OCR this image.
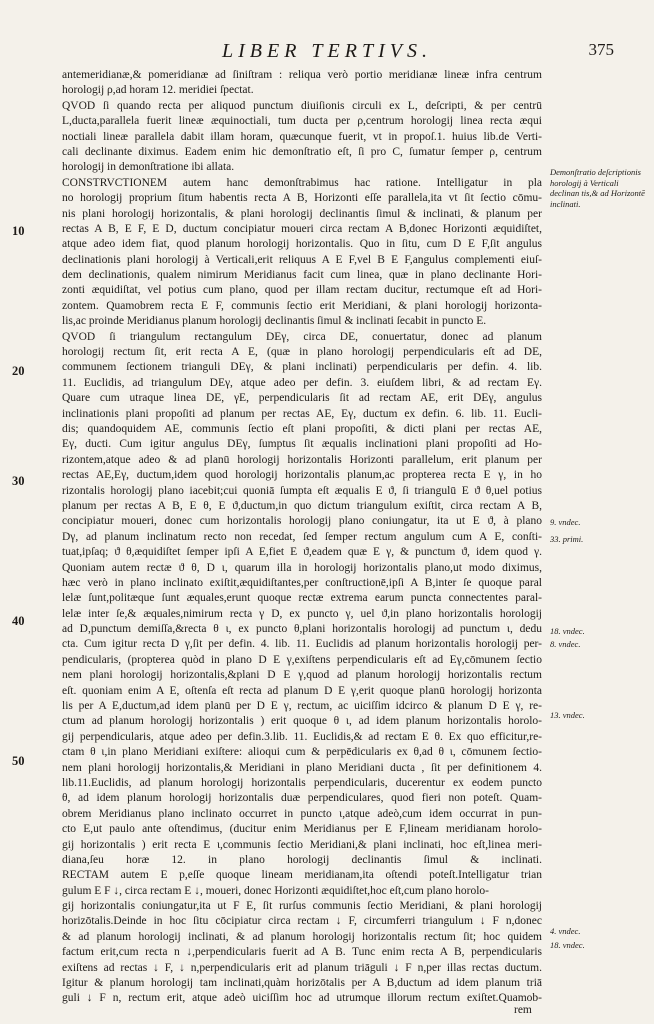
LIBER TERTIVS.	375
antemeridianæ,& pomeridianæ ad ſiniſtram : reliqua verò portio meridianæ lineæ infra centrum
horologij ρ,ad horam 12. meridiei ſpectat.
QVOD ſi quando recta per aliquod punctum diuiſionis circuli ex L, deſcripti, & per centrū
L,ducta,parallela fuerit lineæ æquinoctiali, tum ducta per ρ,centrum horologij linea recta æqui
noctiali lineæ parallela dabit illam horam, quæcunque fuerit, vt in propoſ.1. huius lib.de Verti-
cali declinante diximus. Eadem enim hic demonſtratio eſt, ſi pro C, ſumatur ſemper ρ, centrum
horologij in demonſtratione ibi allata.
CONSTRVCTIONEM autem hanc demonſtrabimus hac ratione. Intelligatur in pla
no horologij proprium ſitum habentis recta A B, Horizonti eſſe parallela,ita vt ſit ſectio cōmu-
nis plani horologij horizontalis, & plani horologij declinantis ſimul & inclinati, & planum per
rectas A B, E F, E D, ductum concipiatur moueri circa rectam A B,donec Horizonti æquidiſtet,
atque adeo idem fiat, quod planum horologij horizontalis. Quo in ſitu, cum D E F,ſit angulus
declinationis plani horologij à Verticali,erit reliquus A E F,vel B E F,angulus complementi eiuſ-
dem declinationis, qualem nimirum Meridianus facit cum linea, quæ in plano declinante Hori-
zonti æquidiſtat, vel potius cum plano, quod per illam rectam ducitur, rectumque eſt ad Hori-
zontem. Quamobrem recta E F, communis ſectio erit Meridiani, & plani horologij horizonta-
lis,ac proinde Meridianus planum horologij declinantis ſimul & inclinati ſecabit in puncto E.
QVOD ſi triangulum rectangulum DEγ, circa DE, conuertatur, donec ad planum
horologij rectum ſit, erit recta A E, (quæ in plano horologij perpendicularis eſt ad DE,
communem ſectionem trianguli DEγ, & plani inclinati) perpendicularis per defin. 4. lib.
11. Euclidis, ad triangulum DEγ, atque adeo per defin. 3. eiuſdem libri, & ad rectam Eγ.
Quare cum utraque linea DE, γE, perpendicularis ſit ad rectam AE, erit DEγ, angulus
inclinationis plani propoſiti ad planum per rectas AE, Eγ, ductum ex defin. 6. lib. 11. Eucli-
dis; quandoquidem AE, communis ſectio eſt plani propoſiti, & dicti plani per rectas AE,
Eγ, ducti. Cum igitur angulus DEγ, ſumptus ſit æqualis inclinationi plani propoſiti ad Ho-
rizontem,atque adeo & ad planū horologij horizontalis Horizonti parallelum, erit planum per
rectas AE,Eγ, ductum,idem quod horologij horizontalis planum,ac propterea recta E γ, in ho
rizontalis horologij plano iacebit;cui quoniā ſumpta eſt æqualis E ϑ, ſi triangulū E ϑ θ,uel potius
planum per rectas A B, E θ, E ϑ,ductum,in quo dictum triangulum exiſtit, circa rectam A B,
concipiatur moueri, donec cum horizontalis horologij plano coniungatur, ita ut E ϑ, à plano
Dγ, ad planum inclinatum recto non recedat, ſed ſemper rectum angulum cum A E, conſti-
tuat,ipſaq; ϑ θ,æquidiſtet ſemper ipſi A E,fiet E ϑ,eadem quæ E γ, & punctum ϑ, idem quod γ.
Quoniam autem rectæ ϑ θ, D ι, quarum illa in horologij horizontalis plano,ut modo diximus,
hæc verò in plano inclinato exiſtit,æquidiſtantes,per conſtructionē,ipſi A B,inter ſe quoque paral
lelæ ſunt,politæque ſunt æquales,erunt quoque rectæ extrema earum puncta connectentes paral-
lelæ inter ſe,& æquales,nimirum recta γ D, ex puncto γ, uel ϑ,in plano horizontalis horologij
ad D,punctum demiſſa,&recta θ ι, ex puncto θ,plani horizontalis horologij ad punctum ι, dedu
cta. Cum igitur recta D γ,ſit per defin. 4. lib. 11. Euclidis ad planum horizontalis horologij per-
pendicularis, (propterea quòd in plano D E γ,exiſtens perpendicularis eſt ad Eγ,cōmunem ſectio
nem plani horologij horizontalis,&plani D E γ,quod ad planum horologij horizontalis rectum
eſt. quoniam enim A E, oſtenſa eſt recta ad planum D E γ,erit quoque planū horologij horizonta
lis per A E,ductum,ad idem planū per D E γ, rectum, ac uiciſſim idcirco & planum D E γ, re-
ctum ad planum horologij horizontalis ) erit quoque θ ι, ad idem planum horizontalis horolo-
gij perpendicularis, atque adeo per defin.3.lib. 11. Euclidis,& ad rectam E θ. Ex quo efficitur,re-
ctam θ ι,in plano Meridiani exiſtere: alioqui cum & perpēdicularis ex θ,ad θ ι, cōmunem ſectio-
nem plani horologij horizontalis,& Meridiani in plano Meridiani ducta , ſit per definitionem 4.
lib.11.Euclidis, ad planum horologij horizontalis perpendicularis, ducerentur ex eodem puncto
θ, ad idem planum horologij horizontalis duæ perpendiculares, quod fieri non poteſt. Quam-
obrem Meridianus plano inclinato occurret in puncto ι,atque adeò,cum idem occurrat in pun-
cto E,ut paulo ante oſtendimus, (ducitur enim Meridianus per E F,lineam meridianam horolo-
gij horizontalis ) erit recta E ι,communis ſectio Meridiani,& plani inclinati, hoc eſt,linea meri-
diana,ſeu horæ 12. in plano horologij declinantis ſimul & inclinati.
RECTAM autem E p,eſſe quoque lineam meridianam,ita oſtendi poteſt.Intelligatur trian
gulum E F ↓, circa rectam E ↓, moueri, donec Horizonti æquidiſtet,hoc eſt,cum plano horolo-
gij horizontalis coniungatur,ita ut F E, ſit rurſus communis ſectio Meridiani, & plani horologij
horizōtalis.Deinde in hoc ſitu cōcipiatur circa rectam ↓ F, circumferri triangulum ↓ F n,donec
& ad planum horologij inclinati, & ad planum horologij horizontalis rectum ſit; hoc quidem
factum erit,cum recta n ↓,perpendicularis fuerit ad A B. Tunc enim recta A B, perpendicularis
exiſtens ad rectas ↓ F, ↓ n,perpendicularis erit ad planum triāguli ↓ F n,per illas rectas ductum.
Igitur & planum horologij tam inclinati,quàm horizōtalis per A B,ductum ad idem planum triā
guli ↓ F n, rectum erit, atque adeò uiciſſim hoc ad utrumque illorum rectum exiſtet.Quamob-
Demonſtratio deſcriptionis horologij à Verticali declinan tis,& ad Horizontē inclinati.
9. vndec.
33. primi.
18. vndec.
8. vndec.
13. vndec.
4. vndec.
18. vndec.
10
20
30
40
50
rem
